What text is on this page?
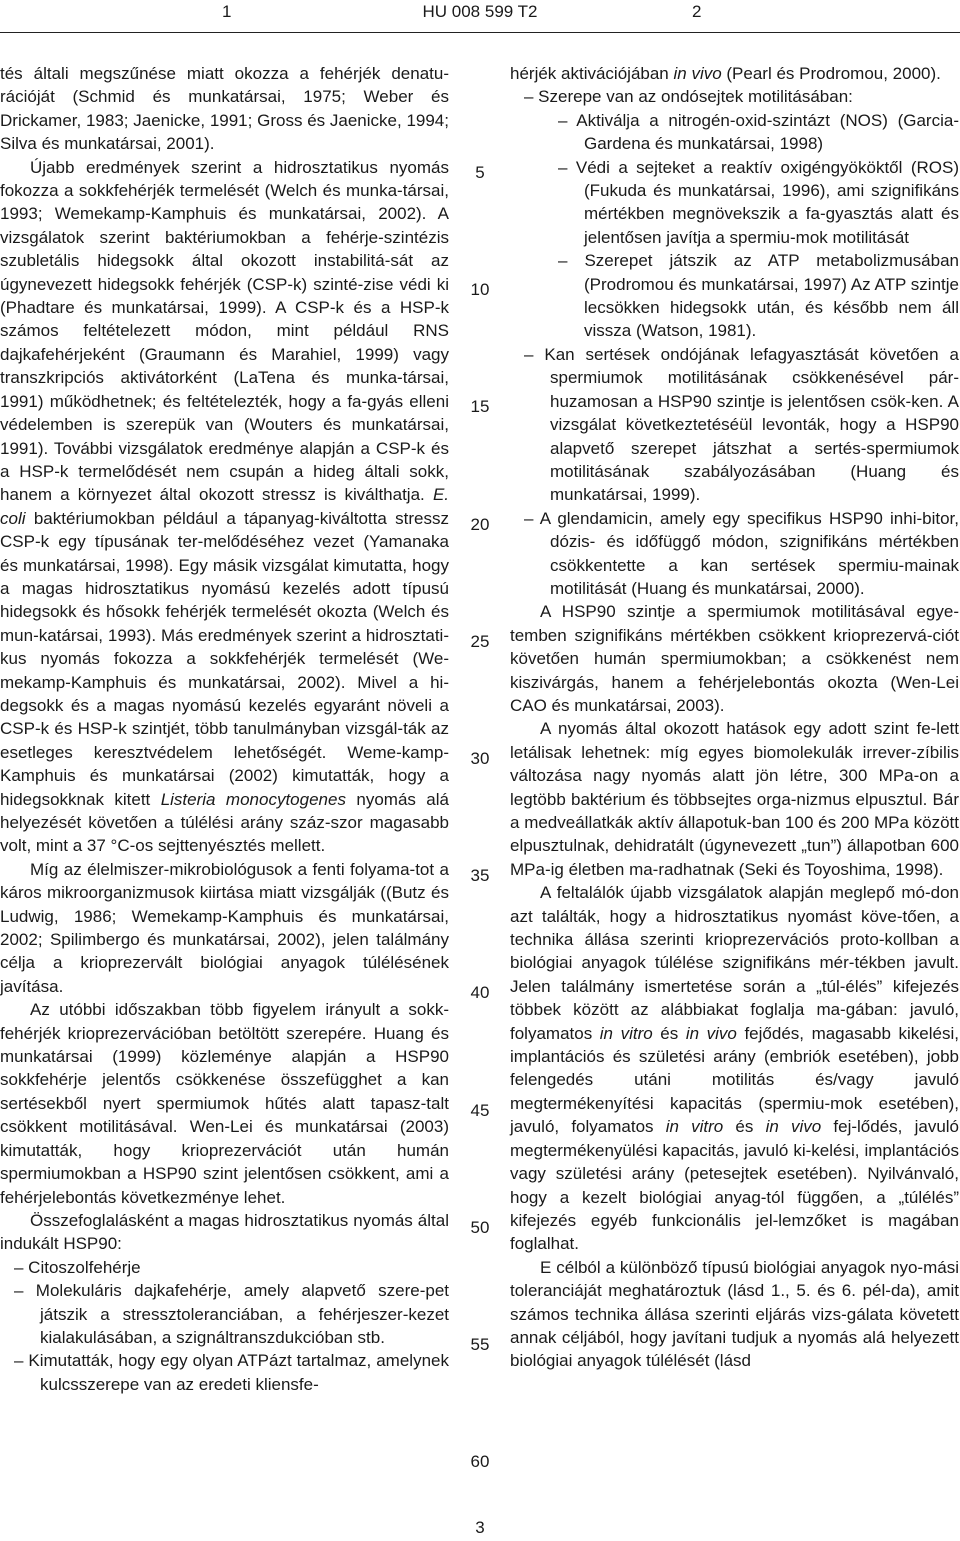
1	HU 008 599 T2	2

tés általi megszűnése miatt okozza a fehérjék denatu-rációját (Schmid és munkatársai, 1975; Weber és Drickamer, 1983; Jaenicke, 1991; Gross és Jaenicke, 1994; Silva és munkatársai, 2001).

Újabb eredmények szerint a hidrosztatikus nyomás fokozza a sokkfehérjék termelését (Welch és munka-társai, 1993; Wemekamp-Kamphuis és munkatársai, 2002). A vizsgálatok szerint baktériumokban a fehérje-szintézis szubletális hidegsokk által okozott instabilitá-sát az úgynevezett hidegsokk fehérjék (CSP-k) szinté-zise védi ki (Phadtare és munkatársai, 1999). A CSP-k és a HSP-k számos feltételezett módon, mint például RNS dajkafehérjeként (Graumann és Marahiel, 1999) vagy transzkripciós aktivátorként (LaTena és munka-társai, 1991) működhetnek; és feltételezték, hogy a fa-gyás elleni védelemben is szerepük van (Wouters és munkatársai, 1991). További vizsgálatok eredménye alapján a CSP-k és a HSP-k termelődését nem csupán a hideg általi sokk, hanem a környezet által okozott stressz is kiválthatja. E. coli baktériumokban például a tápanyag-kiváltotta stressz CSP-k egy típusának ter-melődéséhez vezet (Yamanaka és munkatársai, 1998). Egy másik vizsgálat kimutatta, hogy a magas hidrosztatikus nyomású kezelés adott típusú hidegsokk és hősokk fehérjék termelését okozta (Welch és mun-katársai, 1993). Más eredmények szerint a hidrosztati-kus nyomás fokozza a sokkfehérjék termelését (We-mekamp-Kamphuis és munkatársai, 2002). Mivel a hi-degsokk és a magas nyomású kezelés egyaránt növeli a CSP-k és HSP-k szintjét, több tanulmányban vizsgál-ták az esetleges keresztvédelem lehetőségét. Weme-kamp-Kamphuis és munkatársai (2002) kimutatták, hogy a hidegsokknak kitett Listeria monocytogenes nyomás alá helyezését követően a túlélési arány száz-szor magasabb volt, mint a 37 °C-os sejttenyésztés mellett.

Míg az élelmiszer-mikrobiológusok a fenti folyama-tot a káros mikroorganizmusok kiirtása miatt vizsgálják ((Butz és Ludwig, 1986; Wemekamp-Kamphuis és munkatársai, 2002; Spilimbergo és munkatársai, 2002), jelen találmány célja a krioprezervált biológiai anyagok túlélésének javítása.

Az utóbbi időszakban több figyelem irányult a sokk-fehérjék krioprezervációban betöltött szerepére. Huang és munkatársai (1999) közleménye alapján a HSP90 sokkfehérje jelentős csökkenése összefügghet a kan sertésekből nyert spermiumok hűtés alatt tapasz-talt csökkent motilitásával. Wen-Lei és munkatársai (2003) kimutatták, hogy krioprezervációt után humán spermiumokban a HSP90 szint jelentősen csökkent, ami a fehérjelebontás következménye lehet.

Összefoglalásként a magas hidrosztatikus nyomás által indukált HSP90:

– Citoszolfehérje

– Molekuláris dajkafehérje, amely alapvető szere-pet játszik a stressztoleranciában, a fehérjeszer-kezet kialakulásában, a szignáltranszdukcióban stb.

– Kimutatták, hogy egy olyan ATPázt tartalmaz, amelynek kulcsszerepe van az eredeti kliensfe-

hérjék aktivációjában in vivo (Pearl és Prodromou, 2000).

– Szerepe van az ondósejtek motilitásában:

– Aktiválja a nitrogén-oxid-szintázt (NOS) (Garcia-Gardena és munkatársai, 1998)

– Védi a sejteket a reaktív oxigéngyököktől (ROS) (Fukuda és munkatársai, 1996), ami szignifikáns mértékben megnövekszik a fa-gyasztás alatt és jelentősen javítja a spermiu-mok motilitását

– Szerepet játszik az ATP metabolizmusában (Prodromou és munkatársai, 1997) Az ATP szintje lecsökken hidegsokk után, és később nem áll vissza (Watson, 1981).

– Kan sertések ondójának lefagyasztását követően a spermiumok motilitásának csökkenésével pár-huzamosan a HSP90 szintje is jelentősen csök-ken. A vizsgálat következtetéséül levonták, hogy a HSP90 alapvető szerepet játszhat a sertés-spermiumok motilitásának szabályozásában (Huang és munkatársai, 1999).

– A glendamicin, amely egy specifikus HSP90 inhi-bitor, dózis- és időfüggő módon, szignifikáns mértékben csökkentette a kan sertések spermiu-mainak motilitását (Huang és munkatársai, 2000).

A HSP90 szintje a spermiumok motilitásával egye-temben szignifikáns mértékben csökkent krioprezervá-ciót követően humán spermiumokban; a csökkenést nem kiszivárgás, hanem a fehérjelebontás okozta (Wen-Lei CAO és munkatársai, 2003).

A nyomás által okozott hatások egy adott szint fe-lett letálisak lehetnek: míg egyes biomolekulák irrever-zíbilis változása nagy nyomás alatt jön létre, 300 MPa-on a legtöbb baktérium és többsejtes orga-nizmus elpusztul. Bár a medveállatkák aktív állapotuk-ban 100 és 200 MPa között elpusztulnak, dehidratált (úgynevezett „tun”) állapotban 600 MPa-ig életben ma-radhatnak (Seki és Toyoshima, 1998).

A feltalálók újabb vizsgálatok alapján meglepő mó-don azt találták, hogy a hidrosztatikus nyomást köve-tően, a technika állása szerinti krioprezervációs proto-kollban a biológiai anyagok túlélése szignifikáns mér-tékben javult. Jelen találmány ismertetése során a „túl-élés” kifejezés többek között az alábbiakat foglalja ma-gában: javuló, folyamatos in vitro és in vivo fejődés, magasabb kikelési, implantációs és születési arány (embriók esetében), jobb felengedés utáni motilitás és/vagy javuló megtermékenyítési kapacitás (spermiu-mok esetében), javuló, folyamatos in vitro és in vivo fej-lődés, javuló megtermékenyülési kapacitás, javuló ki-kelési, implantációs vagy születési arány (petesejtek esetében). Nyilvánvaló, hogy a kezelt biológiai anyag-tól függően, a „túlélés” kifejezés egyéb funkcionális jel-lemzőket is magában foglalhat.

E célból a különböző típusú biológiai anyagok nyo-mási toleranciáját meghatároztuk (lásd 1., 5. és 6. pél-da), amit számos technika állása szerinti eljárás vizs-gálata követett annak céljából, hogy javítani tudjuk a nyomás alá helyezett biológiai anyagok túlélését (lásd

5
10
15
20
25
30
35
40
45
50
55
60
3
